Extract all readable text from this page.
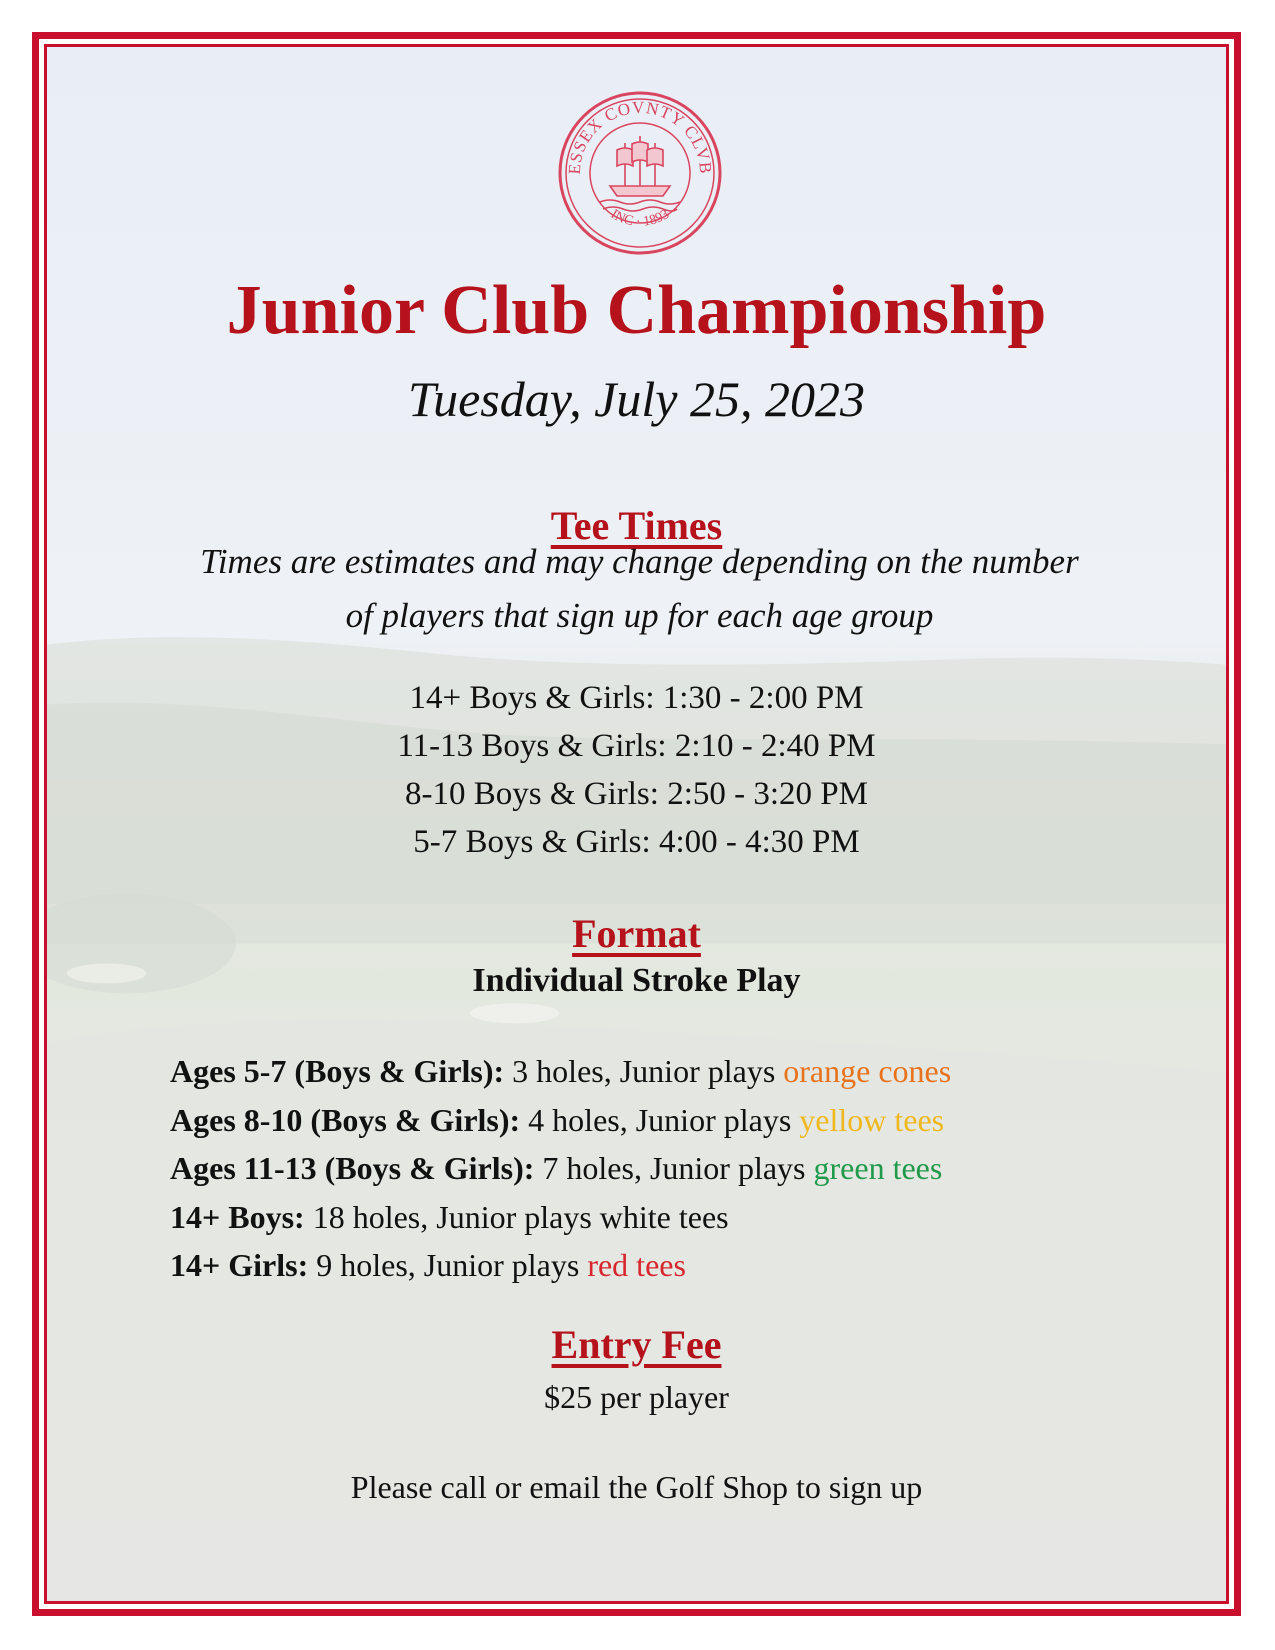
ESSEX COVNTY CLVB
INC · 1893
Junior Club Championship
Tuesday, July 25, 2023
Tee Times
Times are estimates and may change depending on the number
of players that sign up for each age group
14+ Boys & Girls: 1:30 - 2:00 PM
11-13 Boys & Girls: 2:10 - 2:40 PM
8-10 Boys & Girls: 2:50 - 3:20 PM
5-7 Boys & Girls: 4:00 - 4:30 PM
Format
Individual Stroke Play
Ages 5-7 (Boys & Girls): 3 holes, Junior plays orange cones
Ages 8-10 (Boys & Girls): 4 holes, Junior plays yellow tees
Ages 11-13 (Boys & Girls): 7 holes, Junior plays green tees
14+ Boys: 18 holes, Junior plays white tees
14+ Girls: 9 holes, Junior plays red tees
Entry Fee
$25 per player
Please call or email the Golf Shop to sign up
